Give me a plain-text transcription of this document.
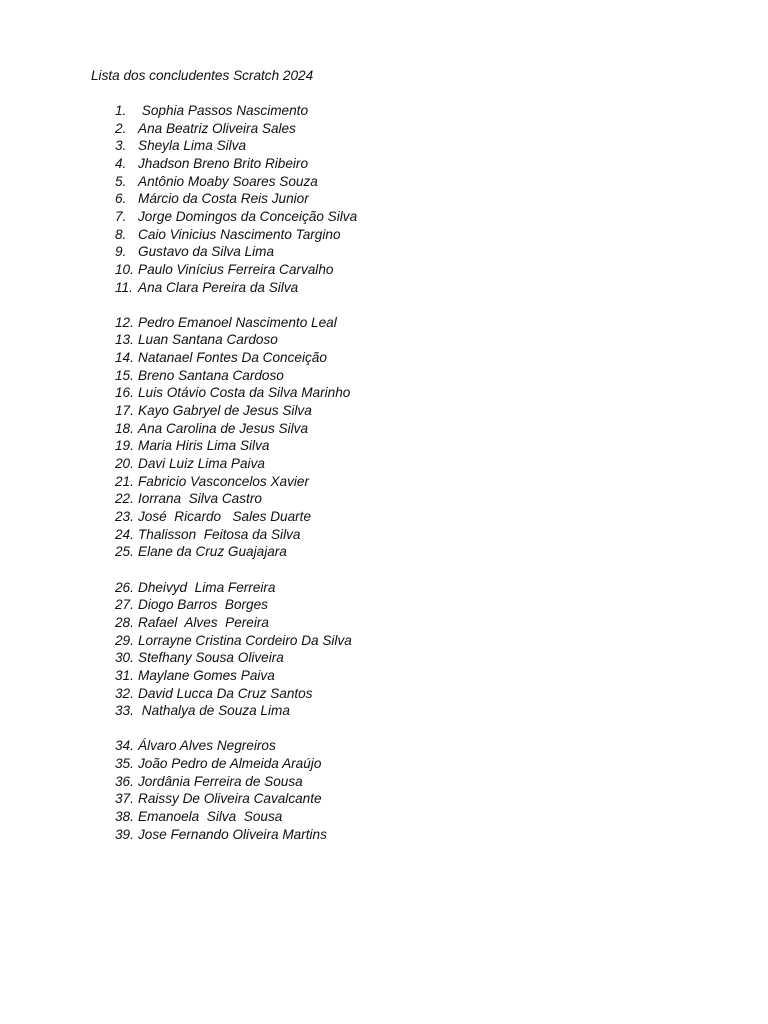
Lista dos concludentes Scratch 2024
1. Sophia Passos Nascimento
2. Ana Beatriz Oliveira Sales
3. Sheyla Lima Silva
4. Jhadson Breno Brito Ribeiro
5. Antônio Moaby Soares Souza
6. Márcio da Costa Reis Junior
7. Jorge Domingos da Conceição Silva
8. Caio Vinicius Nascimento Targino
9. Gustavo da Silva Lima
10. Paulo Vinícius Ferreira Carvalho
11. Ana Clara Pereira da Silva
12. Pedro Emanoel Nascimento Leal
13. Luan Santana Cardoso
14. Natanael Fontes Da Conceição
15. Breno Santana Cardoso
16. Luis Otávio Costa da Silva Marinho
17. Kayo Gabryel de Jesus Silva
18. Ana Carolina de Jesus Silva
19. Maria Hiris Lima Silva
20. Davi Luiz Lima Paiva
21. Fabricio Vasconcelos Xavier
22. Iorrana  Silva Castro
23. José  Ricardo   Sales Duarte
24. Thalisson  Feitosa da Silva
25. Elane da Cruz Guajajara
26. Dheivyd  Lima Ferreira
27. Diogo Barros  Borges
28. Rafael  Alves  Pereira
29. Lorrayne Cristina Cordeiro Da Silva
30. Stefhany Sousa Oliveira
31. Maylane Gomes Paiva
32. David Lucca Da Cruz Santos
33. Nathalya de Souza Lima
34. Álvaro Alves Negreiros
35. João Pedro de Almeida Araújo
36. Jordânia Ferreira de Sousa
37. Raissy De Oliveira Cavalcante
38. Emanoela  Silva  Sousa
39. Jose Fernando Oliveira Martins
